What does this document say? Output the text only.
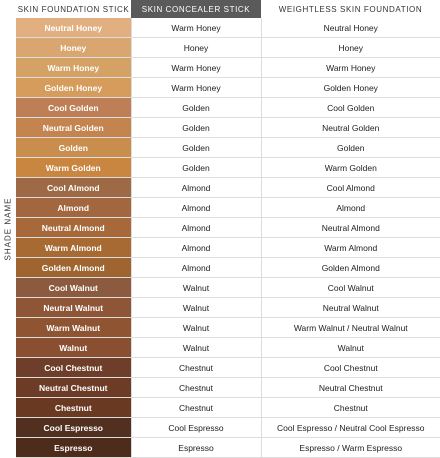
SHADE NAME
SKIN FOUNDATION STICK	SKIN CONCEALER STICK	WEIGHTLESS SKIN FOUNDATION
Neutral Honey	Warm Honey	Neutral Honey
Honey	Honey	Honey
Warm Honey	Warm Honey	Warm Honey
Golden Honey	Warm Honey	Golden Honey
Cool Golden	Golden	Cool Golden
Neutral Golden	Golden	Neutral Golden
Golden	Golden	Golden
Warm Golden	Golden	Warm Golden
Cool Almond	Almond	Cool Almond
Almond	Almond	Almond
Neutral Almond	Almond	Neutral Almond
Warm Almond	Almond	Warm Almond
Golden Almond	Almond	Golden Almond
Cool Walnut	Walnut	Cool Walnut
Neutral Walnut	Walnut	Neutral Walnut
Warm Walnut	Walnut	Warm Walnut / Neutral Walnut
Walnut	Walnut	Walnut
Cool Chestnut	Chestnut	Cool Chestnut
Neutral Chestnut	Chestnut	Neutral Chestnut
Chestnut	Chestnut	Chestnut
Cool Espresso	Cool Espresso	Cool Espresso / Neutral Cool Espresso
Espresso	Espresso	Espresso / Warm Espresso
